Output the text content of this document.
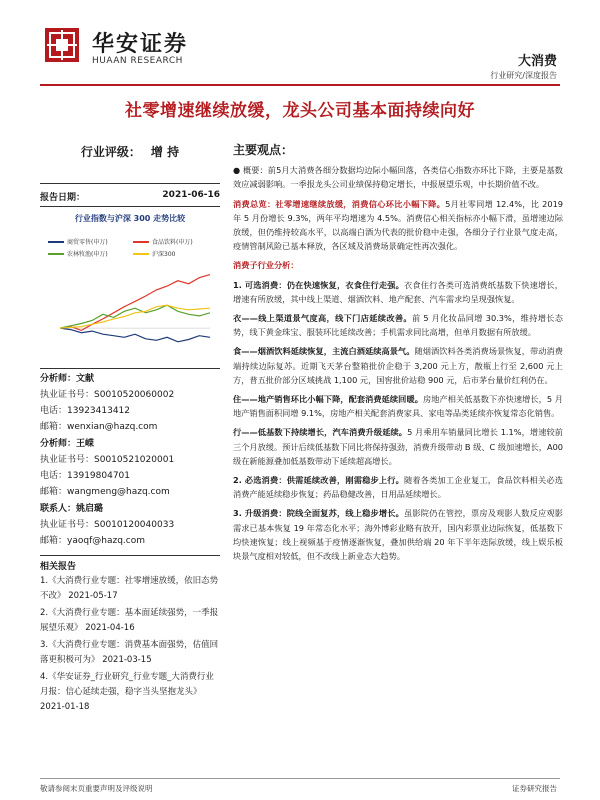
华安证券
HUAAN RESEARCH	大消费
行业研究/深度报告
社零增速继续放缓，龙头公司基本面持续向好
行业评级： 增 持
报告日期：	2021-06-16
行业指数与沪深 300 走势比较
食品饮料(申万)
商贸零售(申万)
农林牧渔(申万)	沪深300
分析师：文献
执业证书号：S0010520060002
电话：13923413412
邮箱：wenxian@hazq.com
分析师：王嵘
执业证书号：S0010521020001
电话：13919804701
邮箱：wangmeng@hazq.com
联系人：姚启璐
执业证书号：S0010120040033
邮箱：yaoqf@hazq.com
相关报告
1.《大消费行业专题：社零增速放缓，依旧态势不改》 2021-05-17
2.《大消费行业专题：基本面延续强势，一季报展望乐观》 2021-04-16
3.《大消费行业专题：消费基本面强势，估值回落更积极可为》 2021-03-15
4.《华安证券_行业研究_行业专题_大消费行业月报：信心延续走强，稳字当头坚抱龙头》 2021-01-18
主要观点：

● 概要：前5月大消费各细分数据均边际小幅回落，各类信心指数亦环比下降，主要是基数效应减弱影响。一季报龙头公司业绩保持稳定增长，中报展望乐观，中长期价值不改。

消费总览：社零增速继续放缓，消费信心环比小幅下降。5月社零同增 12.4%，比 2019 年 5 月份增长 9.3%，两年平均增速为 4.5%。消费信心相关指标亦小幅下滑，虽增速边际放缓，但仍维持较高水平，以高端白酒为代表的批价稳中走强，各细分子行业景气度走高，疫情管制风险已基本释放，各区域及消费场景确定性再次强化。

消费子行业分析：

1. 可选消费：仍在快速恢复，衣食住行走强。衣食住行各类可选消费纸基数下快速增长，增速有所放缓，其中线上渠道、烟酒饮料、地产配套、汽车需求均呈现强恢复。

衣——线上渠道景气度高，线下门店延续改善。前 5 月化妆品同增 30.3%，维持增长态势，线下黄金珠宝、服装环比延续改善；手机需求同比高增，但单月数据有所放缓。

食——烟酒饮料延续恢复，主流白酒延续高景气。随烟酒饮料各类消费场景恢复，带动消费端持续边际复苏。近期飞天茅台整箱批价企稳于 3,200 元上方，散瓶上行至 2,600 元上方，普五批价部分区域挑战 1,100 元，国窖批价站稳 900 元，后市茅台量价红利仍在。

住——地产销售环比小幅下降，配套消费延续回暖。房地产相关低基数下亦快速增长，5 月地产销售面积同增 9.1%，房地产相关配套消费家具、家电等品类延续亦恢复常态化销售。

行——低基数下持续增长，汽车消费升级延续。5 月乘用车销量同比增长 1.1%，增速较前三个月放缓。预计后续低基数下同比将保持强劲，消费升级带动 B 级、C 级加速增长，A00 级在新能源叠加低基数带动下延续超高增长。

2. 必选消费：供需延续改善，刚需稳步上行。随着各类加工企业复工，食品饮料相关必选消费产能延续稳步恢复；药品稳健改善，日用品延续增长。

3. 升级消费：院线全面复苏，线上稳步增长。虽影院仍在管控，票房及观影人数反应观影需求已基本恢复 19 年常态化水平；海外博彩业略有放开，国内彩票业边际恢复，低基数下均快速恢复；线上视频基于疫情逐渐恢复，叠加供给端 20 年下半年迭际放缓，线上娱乐板块景气度相对较低，但不改线上新业态大趋势。

敬请参阅末页重要声明及评级说明	证券研究报告
